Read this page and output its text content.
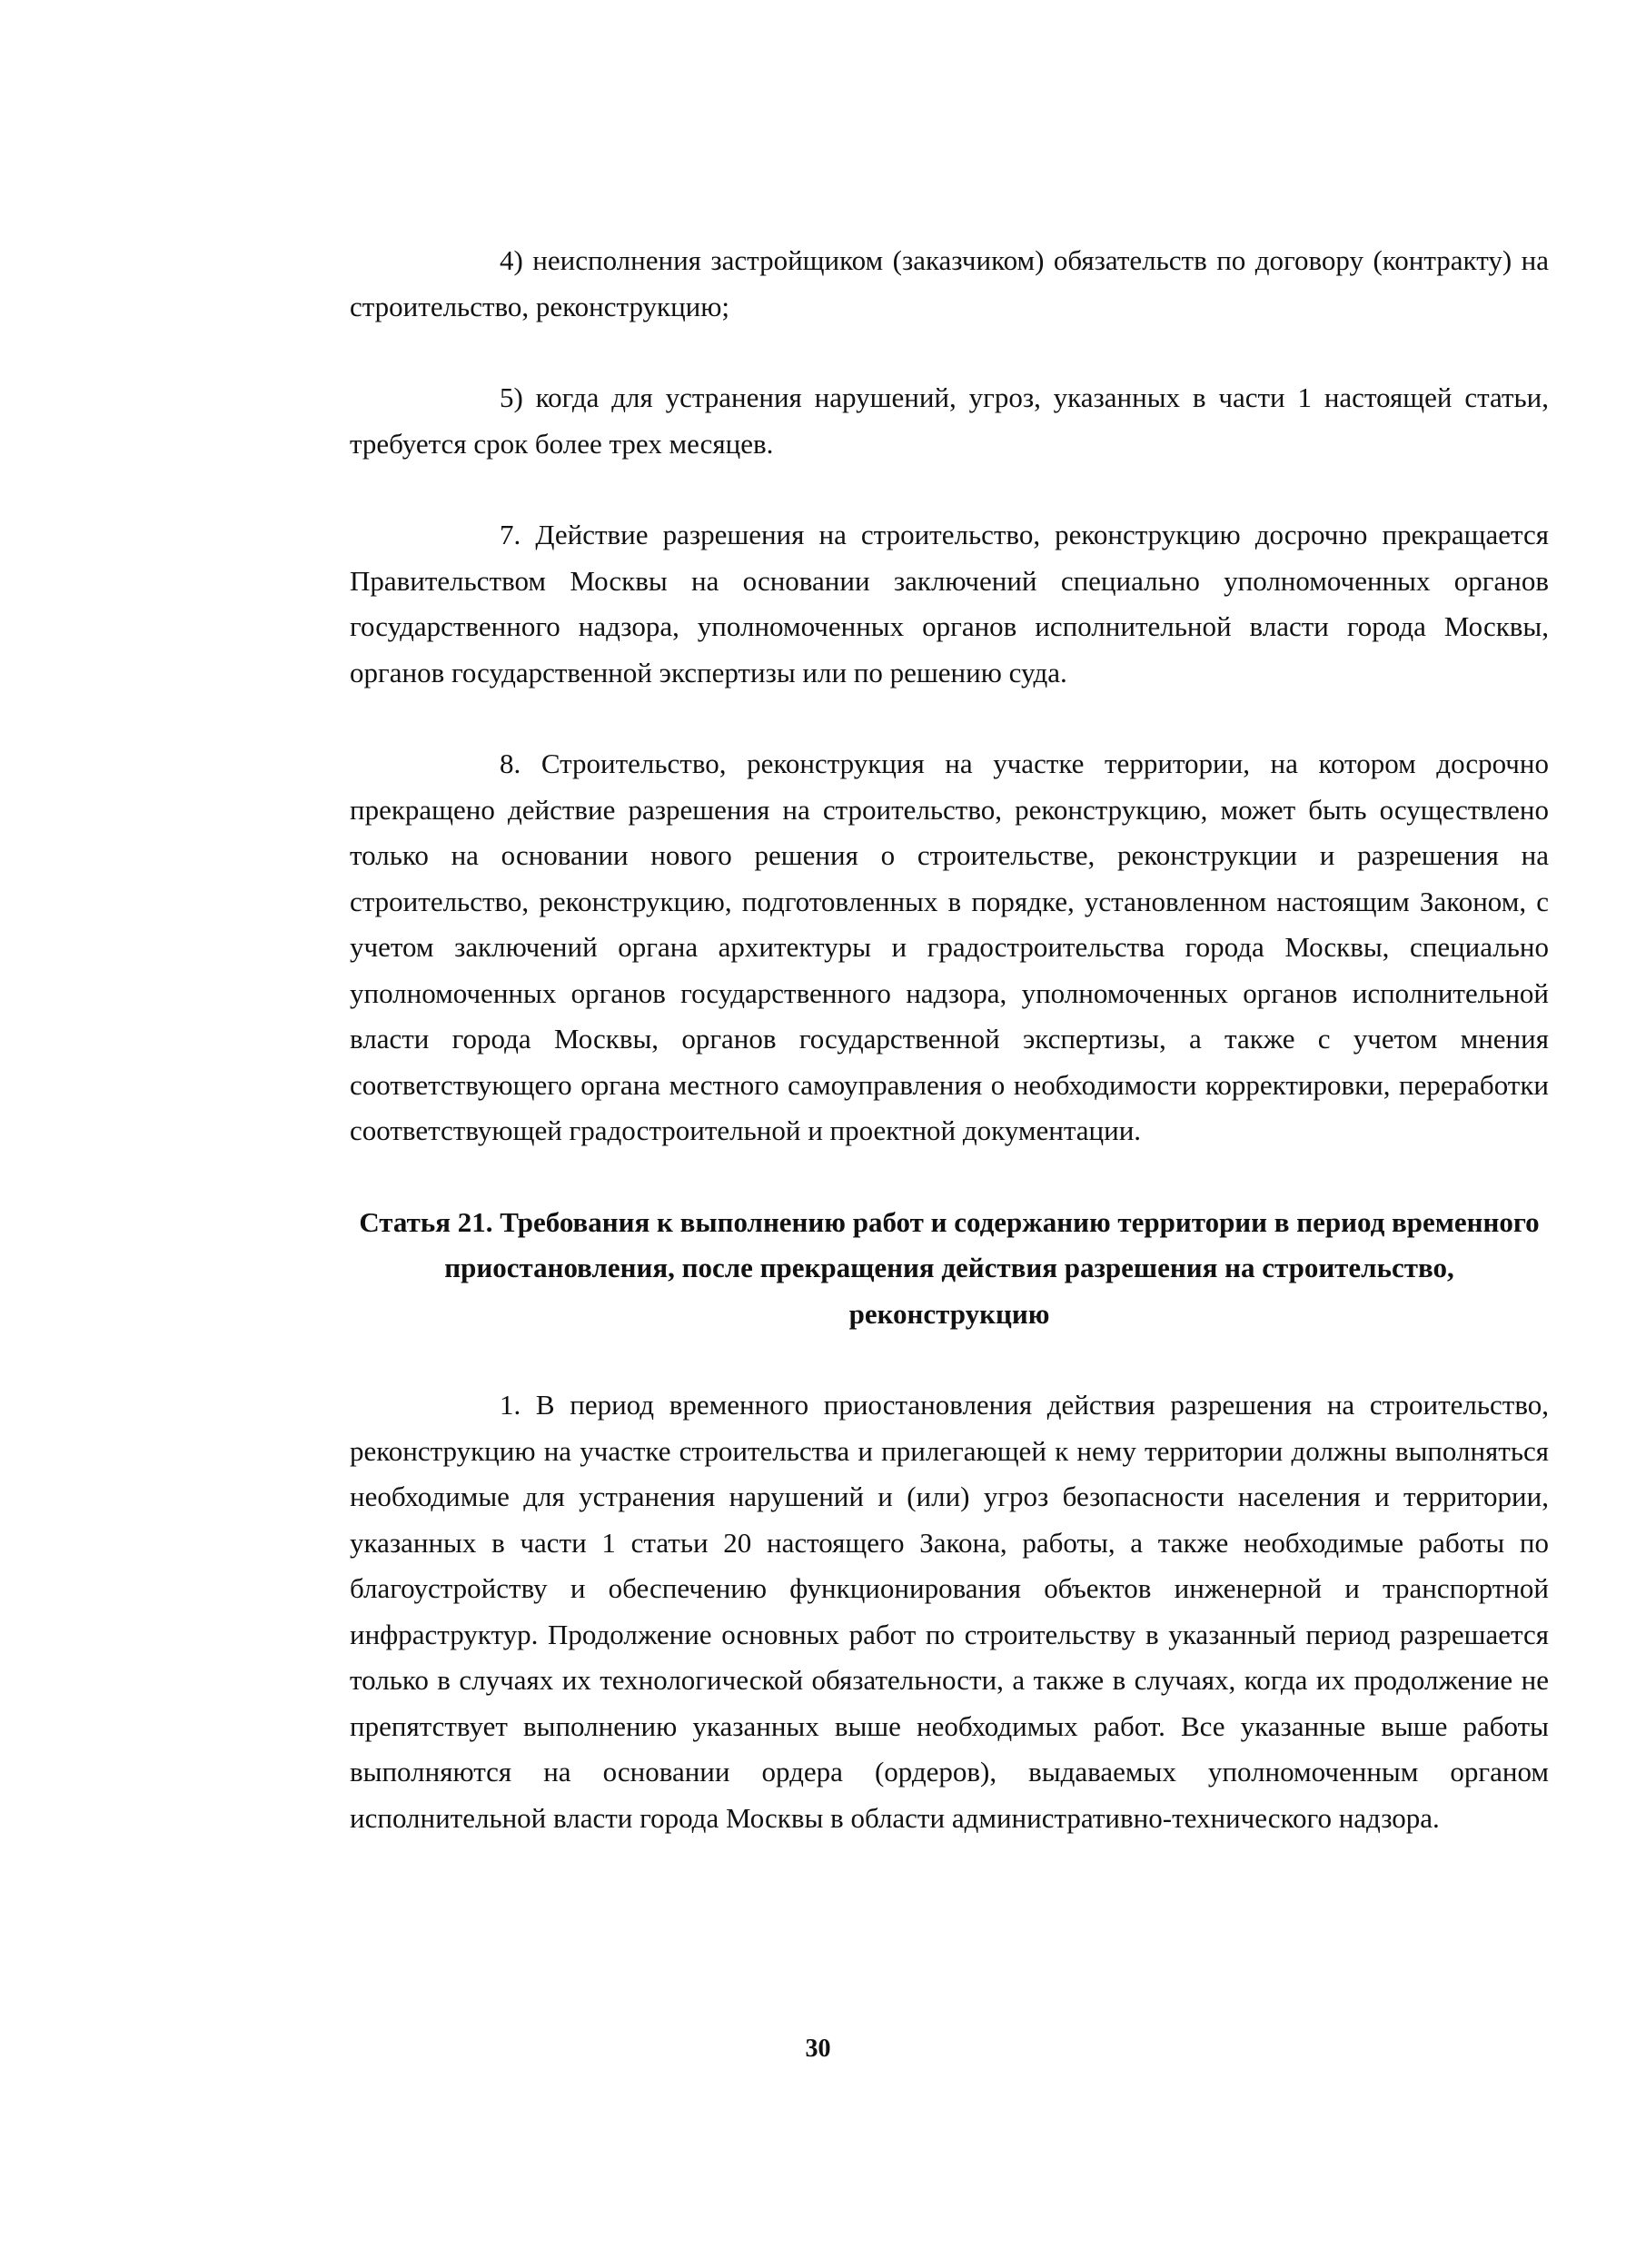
4) неисполнения застройщиком (заказчиком) обязательств по договору (контракту) на строительство, реконструкцию;

5) когда для устранения нарушений, угроз, указанных в части 1 настоящей статьи, требуется срок более трех месяцев.

7. Действие разрешения на строительство, реконструкцию досрочно прекращается Правительством Москвы на основании заключений специально уполномоченных органов государственного надзора, уполномоченных органов исполнительной власти города Москвы, органов государственной экспертизы или по решению суда.

8. Строительство, реконструкция на участке территории, на котором досрочно прекращено действие разрешения на строительство, реконструкцию, может быть осуществлено только на основании нового решения о строительстве, реконструкции и разрешения на строительство, реконструкцию, подготовленных в порядке, установленном настоящим Законом, с учетом заключений органа архитектуры и градостроительства города Москвы, специально уполномоченных органов государственного надзора, уполномоченных органов исполнительной власти города Москвы, органов государственной экспертизы, а также с учетом мнения соответствующего органа местного самоуправления о необходимости корректировки, переработки соответствующей градостроительной и проектной документации.

Статья 21. Требования к выполнению работ и содержанию территории в период временного приостановления, после прекращения действия разрешения на строительство, реконструкцию

1. В период временного приостановления действия разрешения на строительство, реконструкцию на участке строительства и прилегающей к нему территории должны выполняться необходимые для устранения нарушений и (или) угроз безопасности населения и территории, указанных в части 1 статьи 20 настоящего Закона, работы, а также необходимые работы по благоустройству и обеспечению функционирования объектов инженерной и транспортной инфраструктур. Продолжение основных работ по строительству в указанный период разрешается только в случаях их технологической обязательности, а также в случаях, когда их продолжение не препятствует выполнению указанных выше необходимых работ. Все указанные выше работы выполняются на основании ордера (ордеров), выдаваемых уполномоченным органом исполнительной власти города Москвы в области административно-технического надзора.

30
